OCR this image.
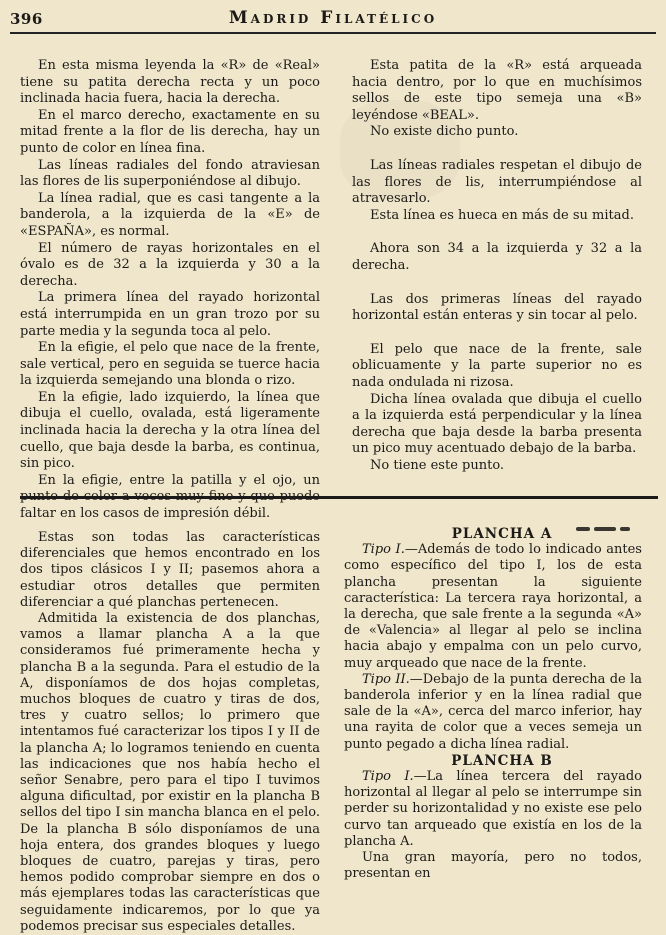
396	Madrid Filatélico

En esta misma leyenda la «R» de «Real» tiene su patita derecha recta y un poco inclinada hacia fuera, hacia la derecha.

En el marco derecho, exactamente en su mitad frente a la flor de lis derecha, hay un punto de color en línea fina.

Las líneas radiales del fondo atraviesan las flores de lis superponiéndose al dibujo.

La línea radial, que es casi tangente a la banderola, a la izquierda de la «E» de «ESPAÑA», es normal.

El número de rayas horizontales en el óvalo es de 32 a la izquierda y 30 a la derecha.

La primera línea del rayado horizontal está interrumpida en un gran trozo por su parte media y la segunda toca al pelo.

En la efigie, el pelo que nace de la frente, sale vertical, pero en seguida se tuerce hacia la izquierda semejando una blonda o rizo.

En la efigie, lado izquierdo, la línea que dibuja el cuello, ovalada, está ligeramente inclinada hacia la derecha y la otra línea del cuello, que baja desde la barba, es continua, sin pico.

En la efigie, entre la patilla y el ojo, un punto de color a veces muy fino y que puede faltar en los casos de impresión débil.

Esta patita de la «R» está arqueada hacia dentro, por lo que en muchísimos sellos de este tipo semeja una «B» leyéndose «BEAL».

No existe dicho punto.

Las líneas radiales respetan el dibujo de las flores de lis, interrumpiéndose al atravesarlo.

Esta línea es hueca en más de su mitad.

Ahora son 34 a la izquierda y 32 a la derecha.

Las dos primeras líneas del rayado horizontal están enteras y sin tocar al pelo.

El pelo que nace de la frente, sale oblicuamente y la parte superior no es nada ondulada ni rizosa.

Dicha línea ovalada que dibuja el cuello a la izquierda está perpendicular y la línea derecha que baja desde la barba presenta un pico muy acentuado debajo de la barba.

No tiene este punto.

Estas son todas las características diferenciales que hemos encontrado en los dos tipos clásicos I y II; pasemos ahora a estudiar otros detalles que permiten diferenciar a qué planchas pertenecen.

Admitida la existencia de dos planchas, vamos a llamar plancha A a la que consideramos fué primeramente hecha y plancha B a la segunda. Para el estudio de la A, disponíamos de dos hojas completas, muchos bloques de cuatro y tiras de dos, tres y cuatro sellos; lo primero que intentamos fué caracterizar los tipos I y II de la plancha A; lo logramos teniendo en cuenta las indicaciones que nos había hecho el señor Senabre, pero para el tipo I tuvimos alguna dificultad, por existir en la plancha B sellos del tipo I sin mancha blanca en el pelo. De la plancha B sólo disponíamos de una hoja entera, dos grandes bloques y luego bloques de cuatro, parejas y tiras, pero hemos podido comprobar siempre en dos o más ejemplares todas las características que seguidamente indicaremos, por lo que ya podemos precisar sus especiales detalles.

PLANCHA A

Tipo I.—Además de todo lo indicado antes como específico del tipo I, los de esta plancha presentan la siguiente característica: La tercera raya horizontal, a la derecha, que sale frente a la segunda «A» de «Valencia» al llegar al pelo se inclina hacia abajo y empalma con un pelo curvo, muy arqueado que nace de la frente.

Tipo II.—Debajo de la punta derecha de la banderola inferior y en la línea radial que sale de la «A», cerca del marco inferior, hay una rayita de color que a veces semeja un punto pegado a dicha línea radial.

PLANCHA B

Tipo I.—La línea tercera del rayado horizontal al llegar al pelo se interrumpe sin perder su horizontalidad y no existe ese pelo curvo tan arqueado que existía en los de la plancha A.

Una gran mayoría, pero no todos, presentan en
